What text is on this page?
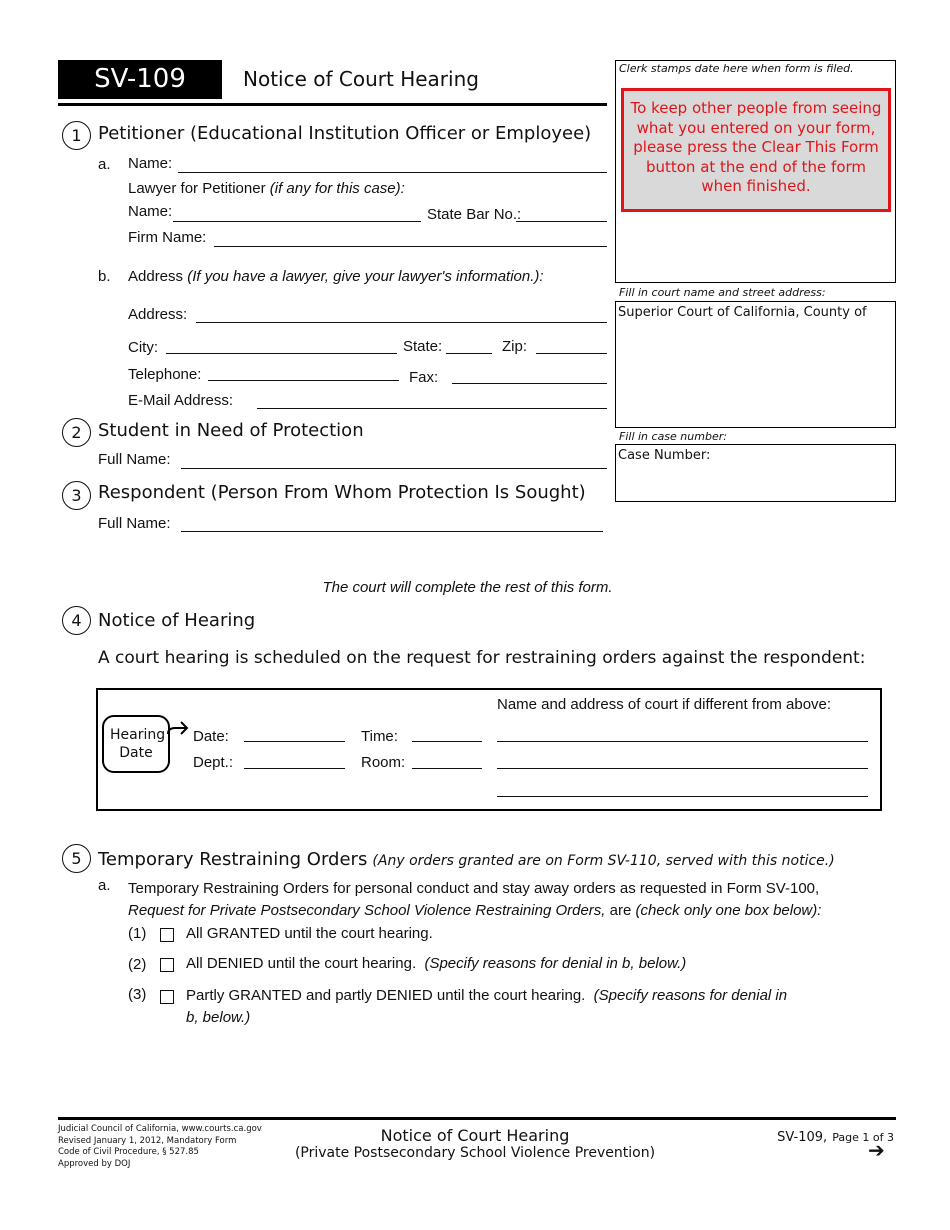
SV-109	Notice of Court Hearing	Clerk stamps date here when form is filed.
To keep other people from seeing what you entered on your form, please press the Clear This Form button at the end of the form when finished.
Fill in court name and street address:
Superior Court of California, County of
Fill in case number:
Case Number:
1 Petitioner (Educational Institution Officer or Employee)
a. Name:
Lawyer for Petitioner (if any for this case):
Name:	State Bar No.:
Firm Name:
b. Address (If you have a lawyer, give your lawyer's information.):
Address:
City:	State:	Zip:
Telephone:	Fax:
E-Mail Address:
2 Student in Need of Protection
Full Name:
3 Respondent (Person From Whom Protection Is Sought)
Full Name:
The court will complete the rest of this form.
4 Notice of Hearing
A court hearing is scheduled on the request for restraining orders against the respondent:
Hearing Date
Date:	Time:
Dept.:	Room:
Name and address of court if different from above:
5 Temporary Restraining Orders (Any orders granted are on Form SV-110, served with this notice.)
a. Temporary Restraining Orders for personal conduct and stay away orders as requested in Form SV-100,
Request for Private Postsecondary School Violence Restraining Orders, are (check only one box below):
(1)	All GRANTED until the court hearing.
(2)	All DENIED until the court hearing. (Specify reasons for denial in b, below.)
(3)	Partly GRANTED and partly DENIED until the court hearing. (Specify reasons for denial in
b, below.)
Judicial Council of California, www.courts.ca.gov
Revised January 1, 2012, Mandatory Form
Code of Civil Procedure, § 527.85
Approved by DOJ
Notice of Court Hearing
(Private Postsecondary School Violence Prevention)
SV-109, Page 1 of 3
➔
